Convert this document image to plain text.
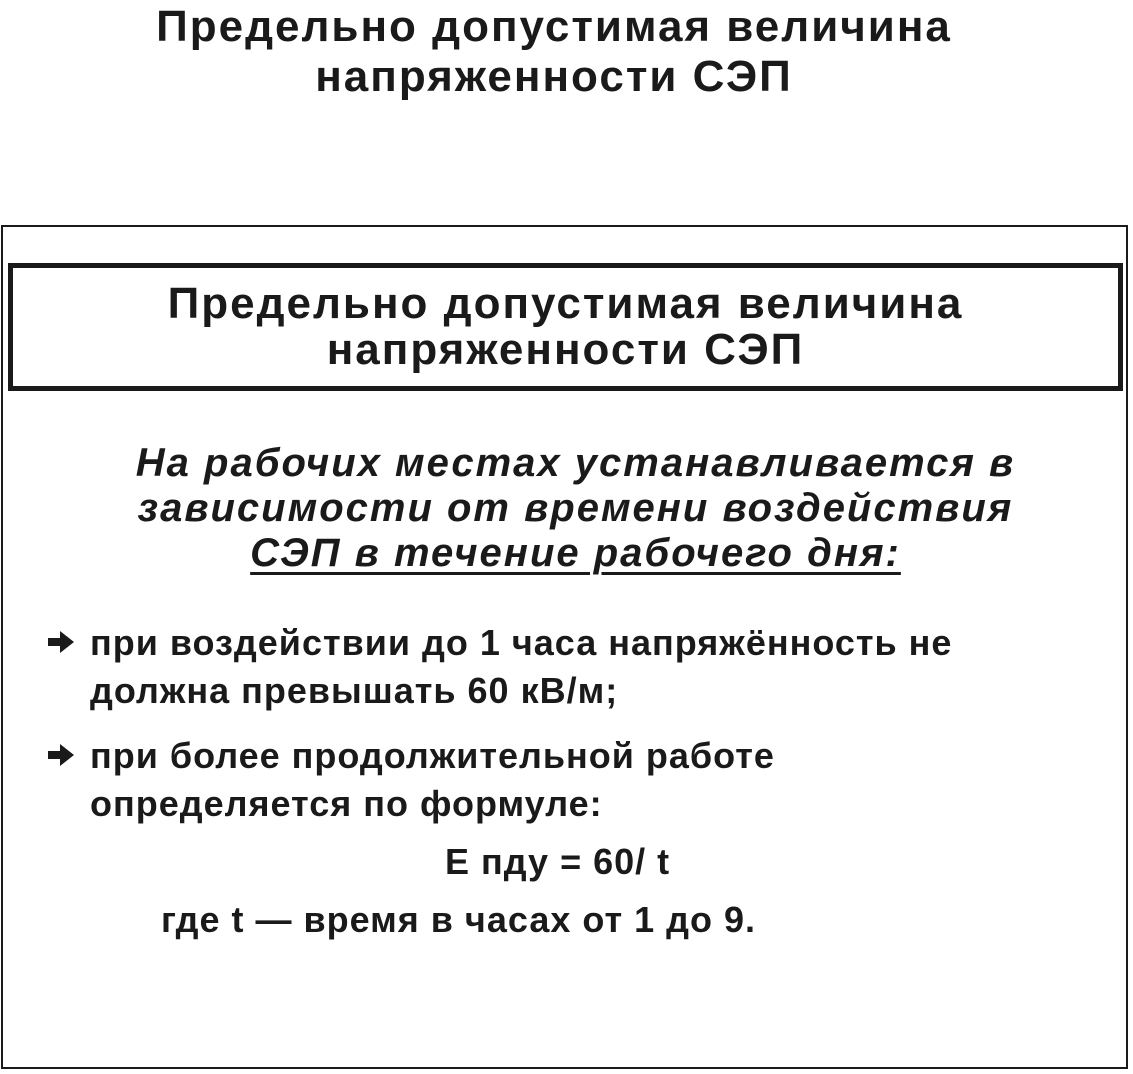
Предельно допустимая величина
напряженности СЭП
Предельно допустимая величина
напряженности СЭП
На рабочих местах устанавливается в
зависимости от времени воздействия
СЭП в течение рабочего дня:
при воздействии до 1 часа напряжённость не
должна превышать 60 кВ/м;
при более продолжительной работе
определяется по формуле:
Е пду = 60/ t
где t — время в часах от 1 до 9.
